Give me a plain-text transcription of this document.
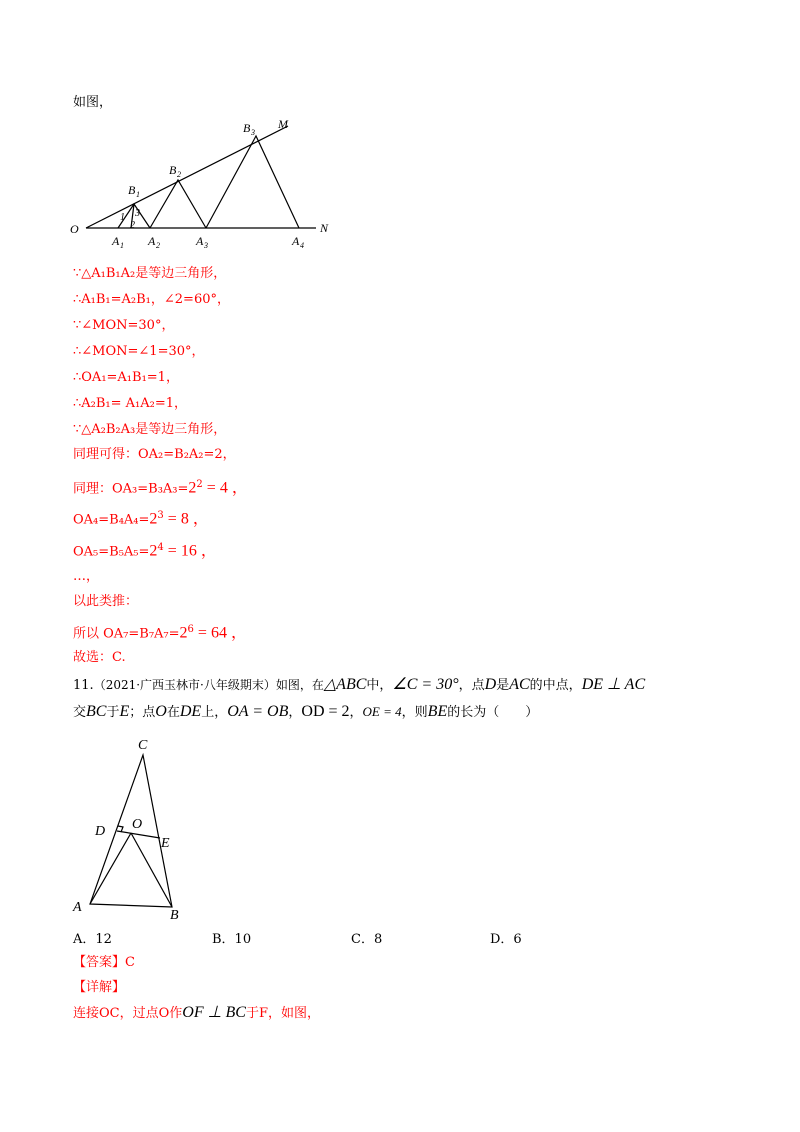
如图，
O
M
N
A 1 A 2	A 3	A 4
B 1
B 2
B 3
1
2
3
∵△A₁B₁A₂是等边三角形，
∴A₁B₁=A₂B₁，∠2=60°，
∵∠MON=30°，
∴∠MON=∠1=30°，
∴OA₁=A₁B₁=1，
∴A₂B₁= A₁A₂=1，
∵△A₂B₂A₃是等边三角形，
同理可得：OA₂=B₂A₂=2，
同理：$OA_3=B_3A_3=2^2 = 4$ ，
$OA_4=B_4A_4=2^3 = 8$ ，
$OA_5=B_5A_5=2^4 = 16$ ，
…，
以此类推：
所以 $OA_7=B_7A_7=2^6 = 64$ ，
故选：C.
11.（2021·广西玉林市·八年级期末）如图，在△ABC中，∠C = 30°，点D是AC的中点，DE ⊥ AC
交BC于E；点O在DE上，OA = OB，OD = 2，OE = 4，则BE的长为（　　）
C
D O
E
A
B
A．12	B．10	C．8	D．6
【答案】C
【详解】
连接OC，过点O作OF ⊥ BC于F，如图，
